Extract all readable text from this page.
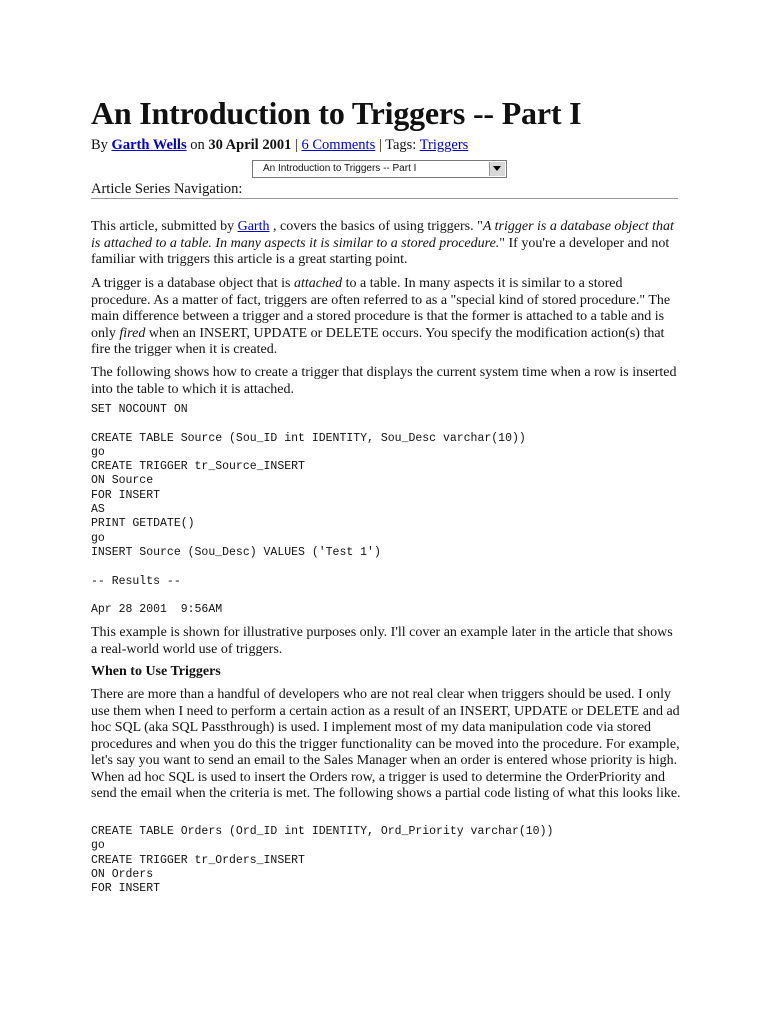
An Introduction to Triggers -- Part I
By Garth Wells on 30 April 2001 | 6 Comments | Tags: Triggers
An Introduction to Triggers -- Part I
Article Series Navigation:

This article, submitted by Garth , covers the basics of using triggers. "A trigger is a database object that is attached to a table. In many aspects it is similar to a stored procedure." If you're a developer and not familiar with triggers this article is a great starting point.

A trigger is a database object that is attached to a table. In many aspects it is similar to a stored procedure. As a matter of fact, triggers are often referred to as a "special kind of stored procedure." The main difference between a trigger and a stored procedure is that the former is attached to a table and is only fired when an INSERT, UPDATE or DELETE occurs. You specify the modification action(s) that fire the trigger when it is created.

The following shows how to create a trigger that displays the current system time when a row is inserted into the table to which it is attached.

SET NOCOUNT ON

CREATE TABLE Source (Sou_ID int IDENTITY, Sou_Desc varchar(10))
go
CREATE TRIGGER tr_Source_INSERT
ON Source
FOR INSERT
AS
PRINT GETDATE()
go
INSERT Source (Sou_Desc) VALUES ('Test 1')

-- Results --

Apr 28 2001  9:56AM

This example is shown for illustrative purposes only. I'll cover an example later in the article that shows a real-world world use of triggers.

When to Use Triggers

There are more than a handful of developers who are not real clear when triggers should be used. I only use them when I need to perform a certain action as a result of an INSERT, UPDATE or DELETE and ad hoc SQL (aka SQL Passthrough) is used. I implement most of my data manipulation code via stored procedures and when you do this the trigger functionality can be moved into the procedure. For example, let's say you want to send an email to the Sales Manager when an order is entered whose priority is high. When ad hoc SQL is used to insert the Orders row, a trigger is used to determine the OrderPriority and send the email when the criteria is met. The following shows a partial code listing of what this looks like.

CREATE TABLE Orders (Ord_ID int IDENTITY, Ord_Priority varchar(10))
go
CREATE TRIGGER tr_Orders_INSERT
ON Orders
FOR INSERT
